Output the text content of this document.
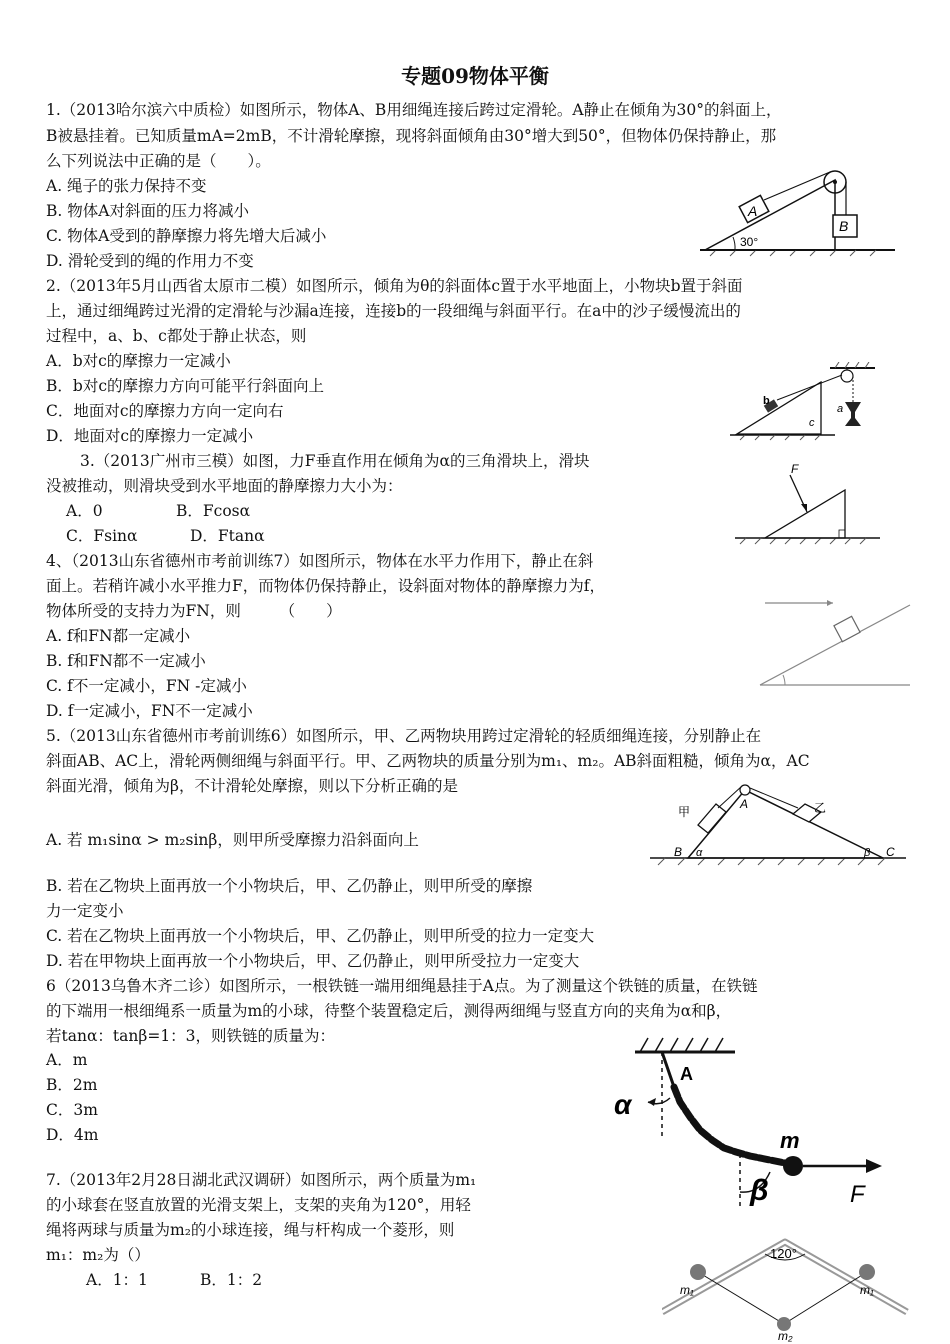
专题09物体平衡
1.（2013哈尔滨六中质检）如图所示，物体A、B用细绳连接后跨过定滑轮。A静止在倾角为30°的斜面上，
B被悬挂着。已知质量mA=2mB，不计滑轮摩擦，现将斜面倾角由30°增大到50°，但物体仍保持静止，那
么下列说法中正确的是（　　）。
A. 绳子的张力保持不变
B. 物体A对斜面的压力将减小
C. 物体A受到的静摩擦力将先增大后减小
D. 滑轮受到的绳的作用力不变
A
B
30°
2.（2013年5月山西省太原市二模）如图所示，倾角为θ的斜面体c置于水平地面上，小物块b置于斜面
上，通过细绳跨过光滑的定滑轮与沙漏a连接，连接b的一段细绳与斜面平行。在a中的沙子缓慢流出的
过程中，a、b、c都处于静止状态，则
A．b对c的摩擦力一定减小
B．b对c的摩擦力方向可能平行斜面向上
C．地面对c的摩擦力方向一定向右
D．地面对c的摩擦力一定减小
b
a
c
3.（2013广州市三模）如图，力F垂直作用在倾角为α的三角滑块上，滑块
没被推动，则滑块受到水平地面的静摩擦力大小为：
A．0	B．Fcosα
C．Fsinα	D．Ftanα
F
4、（2013山东省德州市考前训练7）如图所示，物体在水平力作用下，静止在斜
面上。若稍许减小水平推力F，而物体仍保持静止，设斜面对物体的静摩擦力为f，
物体所受的支持力为FN，则　　　（　　）
A. f和FN都一定减小
B. f和FN都不一定减小
C. f不一定减小，FN -定减小
D. f一定减小，FN不一定减小
5.（2013山东省德州市考前训练6）如图所示，甲、乙两物块用跨过定滑轮的轻质细绳连接，分别静止在
斜面AB、AC上，滑轮两侧细绳与斜面平行。甲、乙两物块的质量分别为m₁、m₂。AB斜面粗糙，倾角为α，AC
斜面光滑，倾角为β，不计滑轮处摩擦，则以下分析正确的是
A. 若 m₁sinα > m₂sinβ，则甲所受摩擦力沿斜面向上
B. 若在乙物块上面再放一个小物块后，甲、乙仍静止，则甲所受的摩擦
力一定变小
C. 若在乙物块上面再放一个小物块后，甲、乙仍静止，则甲所受的拉力一定变大
D. 若在甲物块上面再放一个小物块后，甲、乙仍静止，则甲所受拉力一定变大
甲	乙
A
B	C
α	β
6（2013乌鲁木齐二诊）如图所示，一根铁链一端用细绳悬挂于A点。为了测量这个铁链的质量，在铁链
的下端用一根细绳系一质量为m的小球，待整个装置稳定后，测得两细绳与竖直方向的夹角为α和β，
若tanα：tanβ=1：3，则铁链的质量为：
A．m
B．2m
C．3m
D．4m
α
A
F
m
β
7.（2013年2月28日湖北武汉调研）如图所示，两个质量为m₁
的小球套在竖直放置的光滑支架上，支架的夹角为120°，用轻
绳将两球与质量为m₂的小球连接，绳与杆构成一个菱形，则
m₁：m₂为（）
A．1：1	B．1：2
120°
m₁	m₁
m₂
